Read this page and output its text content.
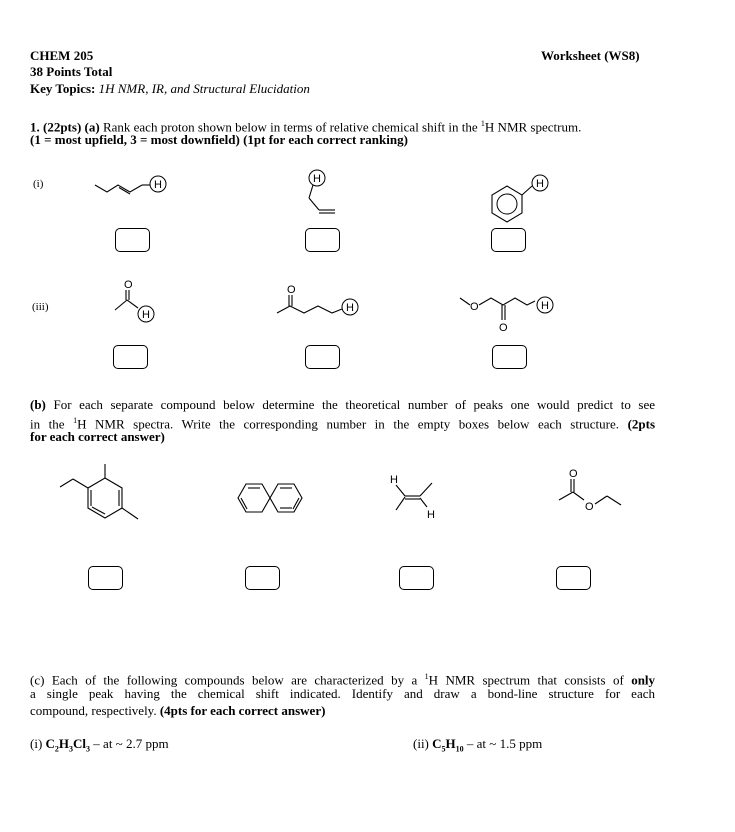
CHEM 205	Worksheet (WS8)
38 Points Total
Key Topics: 1H NMR, IR, and Structural Elucidation
1. (22pts) (a) Rank each proton shown below in terms of relative chemical shift in the $^1$H NMR spectrum.
(1 = most upfield, 3 = most downfield) (1pt for each correct ranking)
(i)
(iii)
H	H	H
O
H
O
H	O
O
H
(b) For each separate compound below determine the theoretical number of peaks one would predict to see
in the $^1$H NMR spectra. Write the corresponding number in the empty boxes below each structure. (2pts
for each correct answer)
H
H
O
O
(c) Each of the following compounds below are characterized by a $^1$H NMR spectrum that consists of only
a single peak having the chemical shift indicated. Identify and draw a bond-line structure for each
compound, respectively. (4pts for each correct answer)
(i) $C_2H_3Cl_3$ – at ~ 2.7 ppm	(ii) $C_5H_{10}$ – at ~ 1.5 ppm
